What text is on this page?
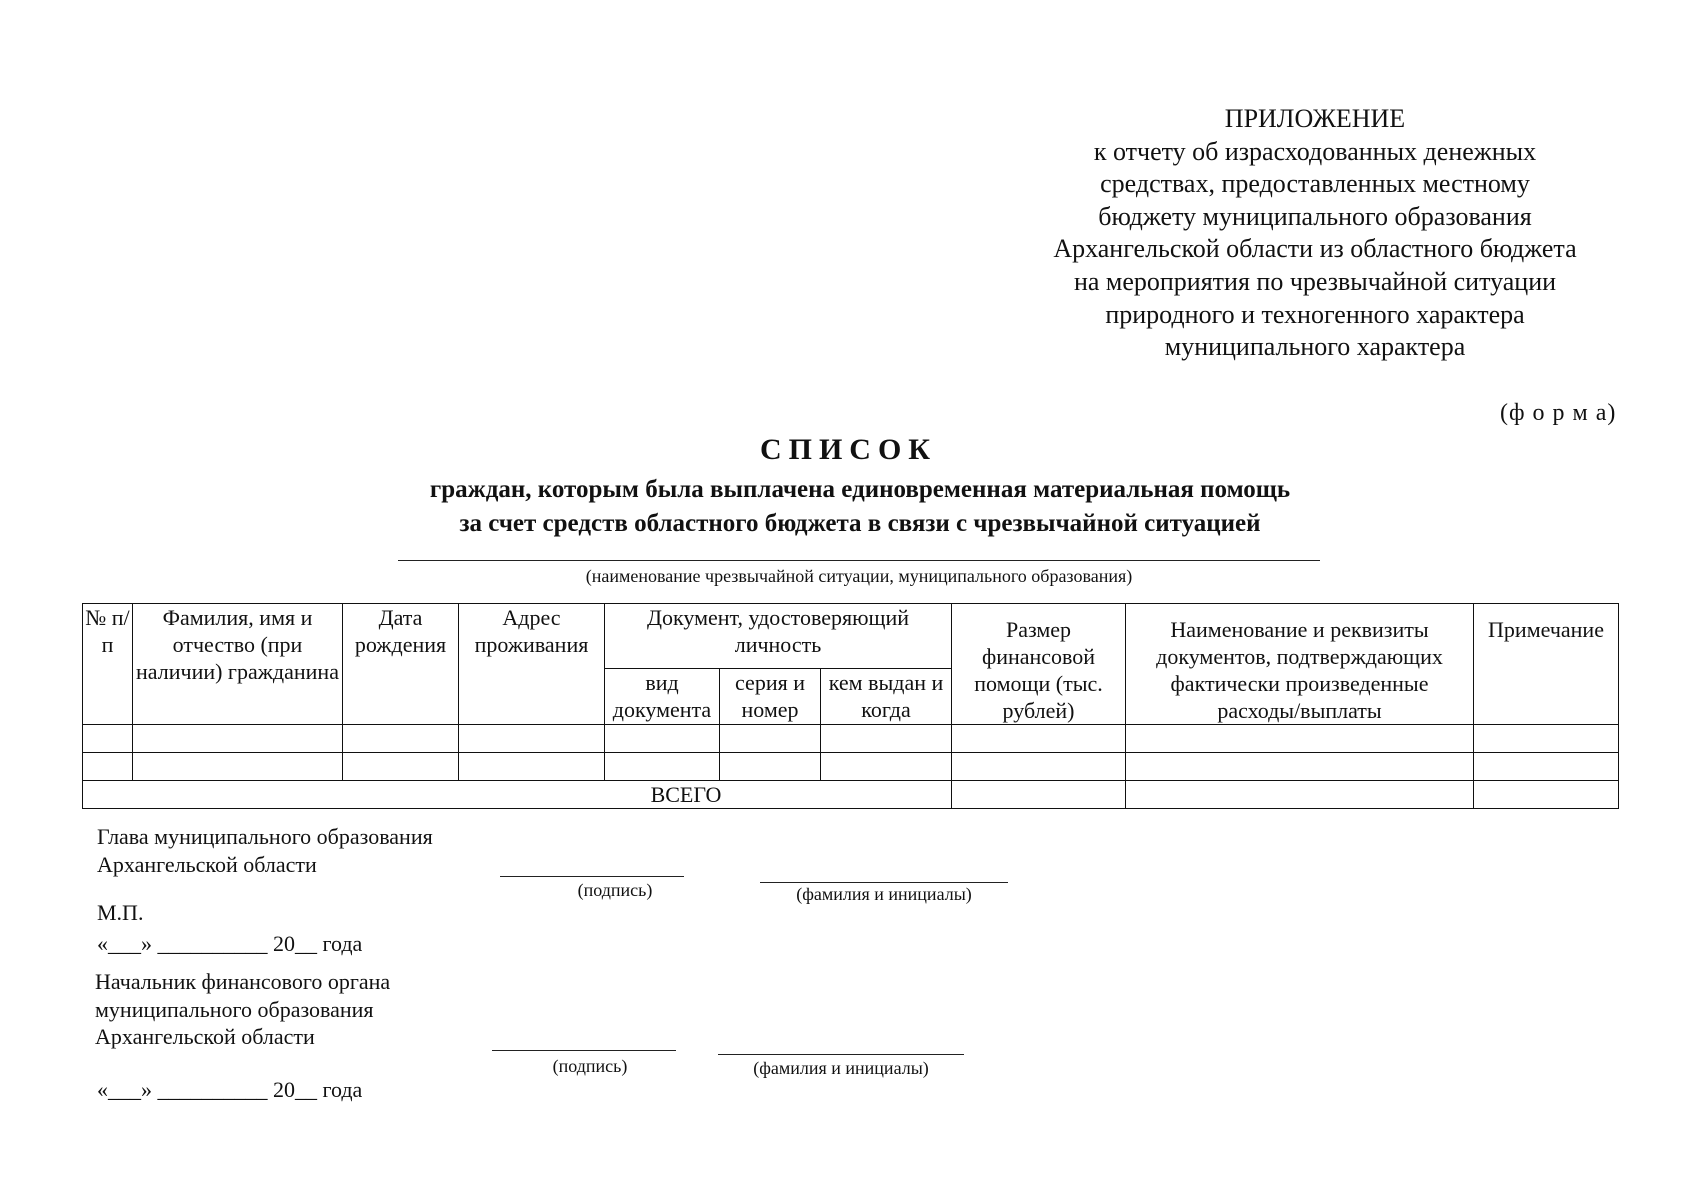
ПРИЛОЖЕНИЕ
к отчету об израсходованных денежных
средствах, предоставленных местному
бюджету муниципального образования
Архангельской области из областного бюджета
на мероприятия по чрезвычайной ситуации
природного и техногенного характера
муниципального характера
(ф о р м а)
СПИСОК
граждан, которым была выплачена единовременная материальная помощь
за счет средств областного бюджета в связи с чрезвычайной ситуацией
(наименование чрезвычайной ситуации, муниципального образования)
№ п/п	Фамилия, имя и отчество (при наличии) гражданина	Дата рождения	Адрес проживания	Документ, удостоверяющий личность			Размер финансовой помощи (тыс. рублей)	Наименование и реквизиты документов, подтверждающих фактически произведенные расходы/выплаты	Примечание
				вид документа	серия и номер	кем выдан и когда			

ВСЕГО									
Глава муниципального образования
Архангельской области
(подпись)	(фамилия и инициалы)
М.П.
«___» __________ 20__ года
Начальник финансового органа
муниципального образования
Архангельской области
(подпись)	(фамилия и инициалы)
«___» __________ 20__ года
